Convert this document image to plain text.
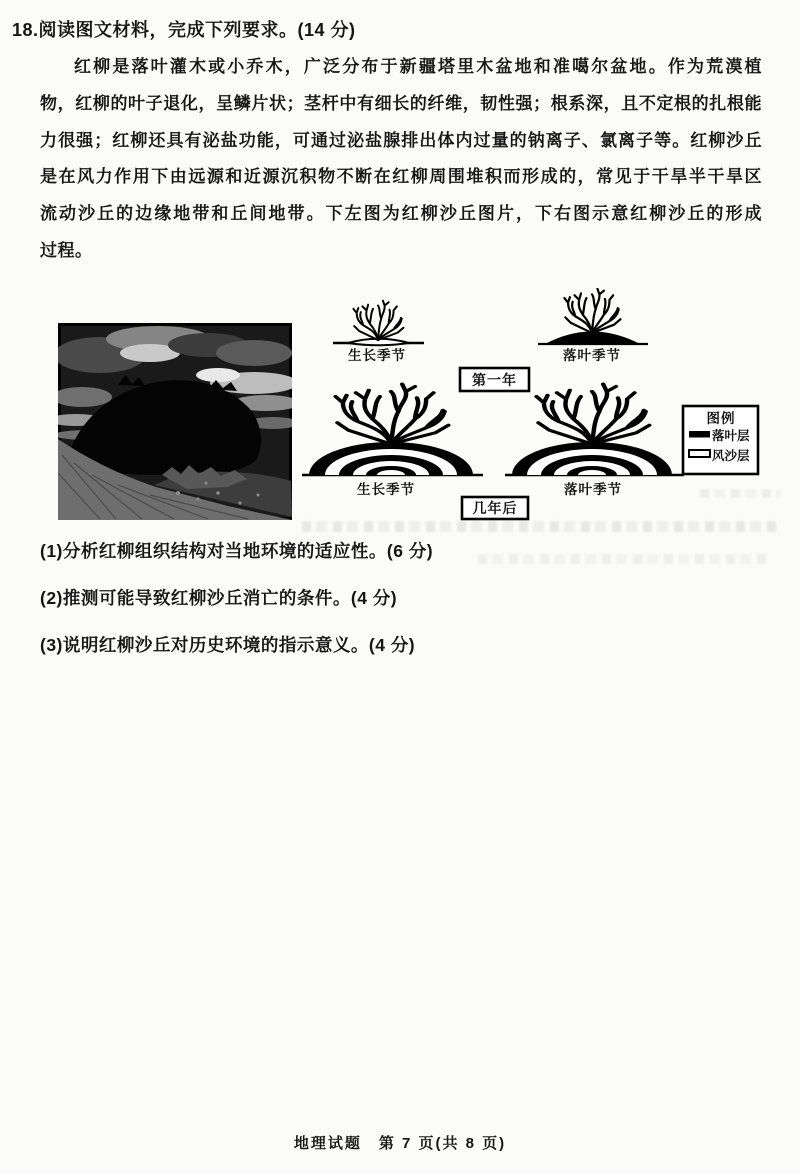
18.阅读图文材料，完成下列要求。(14 分)
红柳是落叶灌木或小乔木，广泛分布于新疆塔里木盆地和准噶尔盆地。作为荒漠植
物，红柳的叶子退化，呈鳞片状；茎杆中有细长的纤维，韧性强；根系深，且不定根的扎根能
力很强；红柳还具有泌盐功能，可通过泌盐腺排出体内过量的钠离子、氯离子等。红柳沙丘
是在风力作用下由远源和近源沉积物不断在红柳周围堆积而形成的，常见于干旱半干旱区
流动沙丘的边缘地带和丘间地带。下左图为红柳沙丘图片，下右图示意红柳沙丘的形成
过程。
生长季节	落叶季节
第一年
生长季节	落叶季节
几年后
图例
落叶层
风沙层
(1)分析红柳组织结构对当地环境的适应性。(6 分)
(2)推测可能导致红柳沙丘消亡的条件。(4 分)
(3)说明红柳沙丘对历史环境的指示意义。(4 分)
地理试题　第 7 页(共 8 页)
